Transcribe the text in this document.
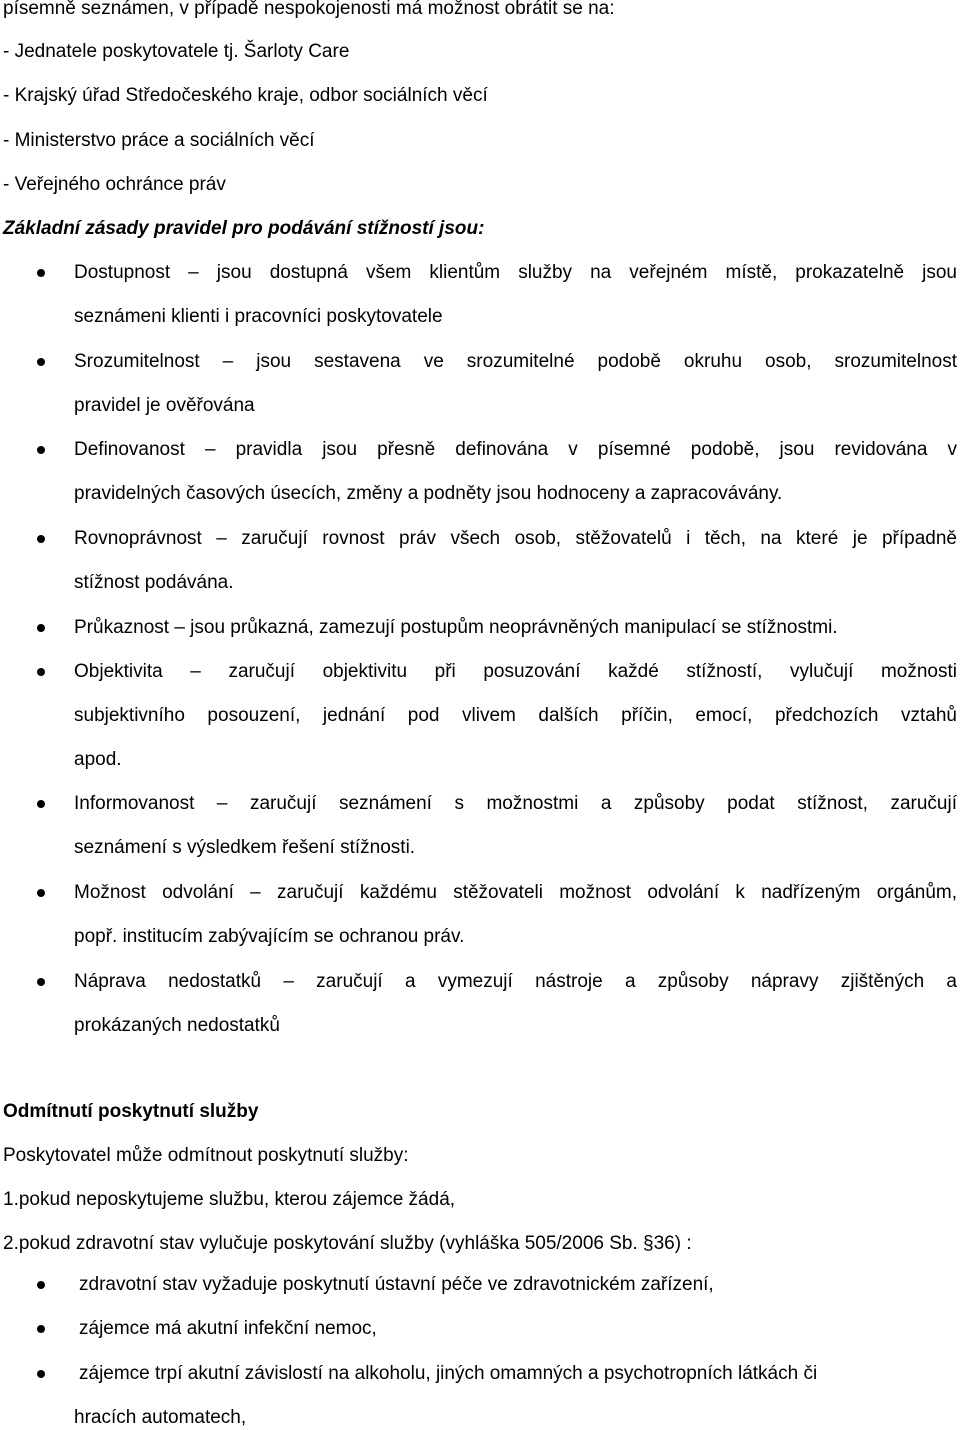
písemně seznámen, v případě nespokojenosti má možnost obrátit se na:
- Jednatele poskytovatele tj. Šarloty Care
- Krajský úřad Středočeského kraje, odbor sociálních věcí
- Ministerstvo práce a sociálních věcí
- Veřejného ochránce práv
Základní zásady pravidel pro podávání stížností jsou:
Dostupnost – jsou dostupná všem klientům služby na veřejném místě, prokazatelně jsou
seznámeni klienti i pracovníci poskytovatele
Srozumitelnost – jsou sestavena ve srozumitelné podobě okruhu osob, srozumitelnost
pravidel je ověřována
Definovanost – pravidla jsou přesně definována v písemné podobě, jsou revidována v
pravidelných časových úsecích, změny a podněty jsou hodnoceny a zapracovávány.
Rovnoprávnost – zaručují rovnost práv všech osob, stěžovatelů i těch, na které je případně
stížnost podávána.
Průkaznost – jsou průkazná, zamezují postupům neoprávněných manipulací se stížnostmi.
Objektivita – zaručují objektivitu při posuzování každé stížností, vylučují možnosti
subjektivního posouzení, jednání pod vlivem dalších příčin, emocí, předchozích vztahů
apod.
Informovanost – zaručují seznámení s možnostmi a způsoby podat stížnost, zaručují
seznámení s výsledkem řešení stížnosti.
Možnost odvolání – zaručují každému stěžovateli možnost odvolání k nadřízeným orgánům,
popř. institucím zabývajícím se ochranou práv.
Náprava nedostatků – zaručují a vymezují nástroje a způsoby nápravy zjištěných a
prokázaných nedostatků
Odmítnutí poskytnutí služby
Poskytovatel může odmítnout poskytnutí služby:
1.pokud neposkytujeme službu, kterou zájemce žádá,
2.pokud zdravotní stav vylučuje poskytování služby (vyhláška 505/2006 Sb. §36) :
zdravotní stav vyžaduje poskytnutí ústavní péče ve zdravotnickém zařízení,
zájemce má akutní infekční nemoc,
zájemce trpí akutní závislostí na alkoholu, jiných omamných a psychotropních látkách či
hracích automatech,
